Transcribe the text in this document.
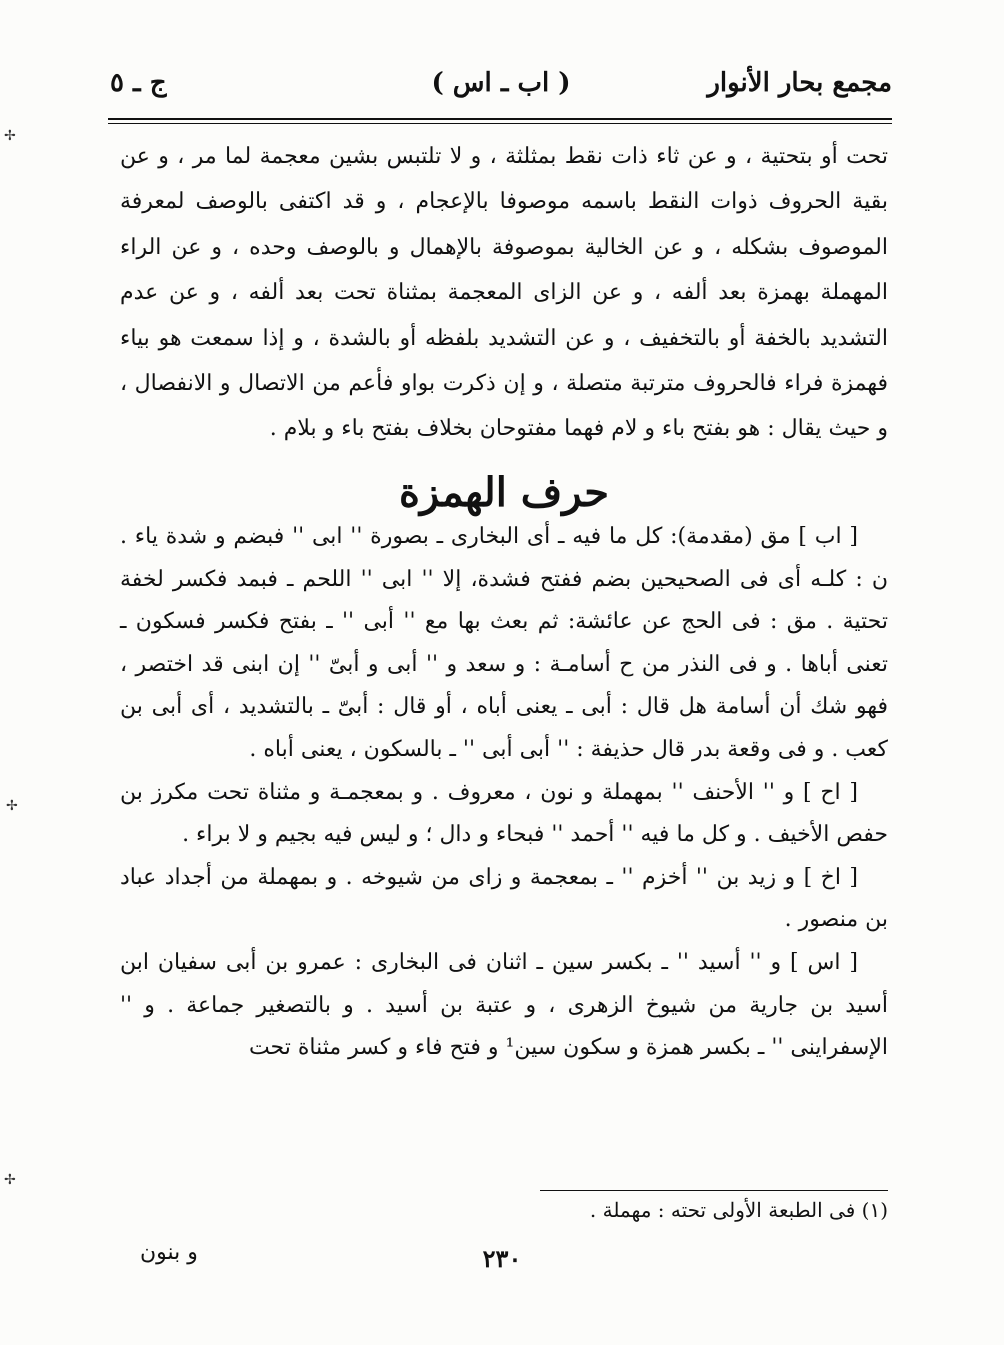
مجمع بحار الأنوار
( اب ـ اس )
ج ـ ٥

تحت أو بتحتية ، و عن ثاء ذات نقط بمثلثة ، و لا تلتبس بشين معجمة لما مر ، و عن بقية الحروف ذوات النقط باسمه موصوفا بالإعجام ، و قد اكتفى بالوصف لمعرفة الموصوف بشكله ، و عن الخالية بموصوفة بالإهمال و بالوصف وحده ، و عن الراء المهملة بهمزة بعد ألفه ، و عن الزاى المعجمة بمثناة تحت بعد ألفه ، و عن عدم التشديد بالخفة أو بالتخفيف ، و عن التشديد بلفظه أو بالشدة ، و إذا سمعت هو بياء فهمزة فراء فالحروف مترتبة متصلة ، و إن ذكرت بواو فأعم من الاتصال و الانفصال ، و حيث يقال : هو بفتح باء و لام فهما مفتوحان بخلاف بفتح باء و بلام .

حرف الهمزة

[ اب ] مق (مقدمة): كل ما فيه ـ أى البخارى ـ بصورة '' ابى '' فبضم و شدة ياء . ن : كلـه أى فى الصحيحين بضم ففتح فشدة، إلا '' ابى '' اللحم ـ فبمد فكسر لخفة تحتية . مق : فى الحج عن عائشة: ثم بعث بها مع '' أبى '' ـ بفتح فكسر فسكون ـ تعنى أباها . و فى النذر من ح أسامـة : و سعد و '' أبى و أبىّ '' إن ابنى قد اختصر ، فهو شك أن أسامة هل قال : أبى ـ يعنى أباه ، أو قال : أبىّ ـ بالتشديد ، أى أبى بن كعب . و فى وقعة بدر قال حذيفة : '' أبى أبى '' ـ بالسكون ، يعنى أباه .

[ اح ] و '' الأحنف '' بمهملة و نون ، معروف . و بمعجمـة و مثناة تحت مكرز بن حفص الأخيف . و كل ما فيه '' أحمد '' فبحاء و دال ؛ و ليس فيه بجيم و لا براء .

[ اخ ] و زيد بن '' أخزم '' ـ بمعجمة و زاى من شيوخه . و بمهملة من أجداد عباد بن منصور .

[ اس ] و '' أسيد '' ـ بكسر سين ـ اثنان فى البخارى : عمرو بن أبى سفيان ابن أسيد بن جارية من شيوخ الزهرى ، و عتبة بن أسيد . و بالتصغير جماعة . و '' الإسفراينى '' ـ بكسر همزة و سكون سين¹ و فتح فاء و كسر مثناة تحت

(١) فى الطبعة الأولى تحته : مهملة .
و بنون	٢٣٠
✢
✢
✢
